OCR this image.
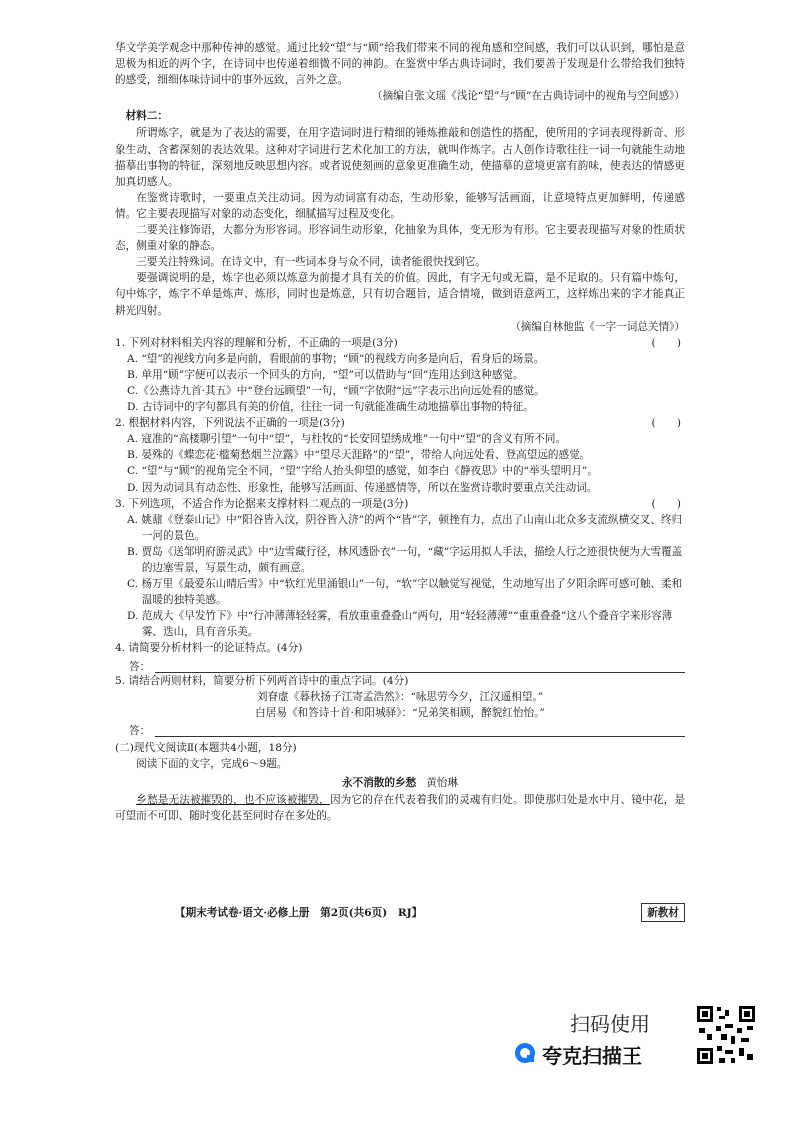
华文学美学观念中那种传神的感觉。通过比较“望”与“顾”给我们带来不同的视角感和空间感，我们可以认识到，哪怕是意思极为相近的两个字，在诗词中也传递着细微不同的神韵。在鉴赏中华古典诗词时，我们要善于发现是什么带给我们独特的感受，细细体味诗词中的事外远致，言外之意。

（摘编自张文瑶《浅论“望”与“顾”在古典诗词中的视角与空间感》）

材料二：

所谓炼字，就是为了表达的需要，在用字造词时进行精细的锤炼推敲和创造性的搭配，使所用的字词表现得新奇、形象生动、含蓄深刻的表达效果。这种对字词进行艺术化加工的方法，就叫作炼字。古人创作诗歌往往一词一句就能生动地描摹出事物的特征，深刻地反映思想内容。或者说使刻画的意象更准确生动，使描摹的意境更富有韵味，使表达的情感更加真切感人。

在鉴赏诗歌时，一要重点关注动词。因为动词富有动态，生动形象，能够写活画面，让意境特点更加鲜明，传递感情。它主要表现描写对象的动态变化，细腻描写过程及变化。

二要关注修饰语，大都分为形容词。形容词生动形象，化抽象为具体，变无形为有形。它主要表现描写对象的性质状态，侧重对象的静态。

三要关注特殊词。在诗文中，有一些词本身与众不同，读者能很快找到它。

要强调说明的是，炼字也必须以炼意为前提才具有关的价值。因此，有字无句或无篇，是不足取的。只有篇中炼句，句中炼字，炼字不单是炼声、炼形，同时也是炼意，只有切合题旨，适合情境，做到语意两工，这样炼出来的字才能真正耕光四射。

（摘编自林他监《一字一词总关情》）

1. 下列对材料相关内容的理解和分析，不正确的一项是(3分)	(　　)

A. “望”的视线方向多是向前，看眼前的事物；“顾”的视线方向多是向后，看身后的场景。

B. 单用“顾”字便可以表示一个回头的方向，“望”可以借助与“回”连用达到这种感觉。

C.《公燕诗九首·其五》中“登台远顾望”一句，“顾”字依附“远”字表示出向远处看的感觉。

D. 古诗词中的字句都具有美的价值，往往一词一句就能准确生动地描摹出事物的特征。

2. 根据材料内容，下列说法不正确的一项是(3分)	(　　)

A. 寇准的“高楼聊引望”一句中“望”，与杜牧的“长安回望绣成堆”一句中“望”的含义有所不同。

B. 晏殊的《蝶恋花·槛菊愁烟兰泣露》中“望尽天涯路”的“望”，带给人向远处看、登高望远的感觉。

C. “望”与“顾”的视角完全不同，“望”字给人抬头仰望的感觉，如李白《静夜思》中的“举头望明月”。

D. 因为动词具有动态性、形象性，能够写活画面、传递感情等，所以在鉴赏诗歌时要重点关注动词。

3. 下列选项，不适合作为论据来支撑材料二观点的一项是(3分)	(　　)

A. 姚鼐《登泰山记》中“阳谷皆入汶，阴谷皆入济”的两个“皆”字，顿挫有力，点出了山南山北众多支流纵横交叉、终归一河的景色。

B. 贾岛《送邹明府游灵武》中“边雪藏行径，林风透卧衣”一句，“藏”字运用拟人手法，描绘人行之迹很快便为大雪覆盖的边塞雪景，写景生动，颇有画意。

C. 杨万里《最爱东山晴后雪》中“软红光里涌银山”一句，“软”字以触觉写视觉，生动地写出了夕阳余晖可感可触、柔和温暖的独特美感。

D. 范成大《早发竹下》中“行冲薄薄轻轻雾，看放重重叠叠山”两句，用“轻轻薄薄”“重重叠叠”这八个叠音字来形容薄雾、迭山，具有音乐美。

4. 请简要分析材料一的论证特点。(4分)

答：

5. 请结合两则材料，简要分析下列两首诗中的重点字词。(4分)

刘眘虚《暮秋扬子江寄孟浩然》：“咏思劳今夕，江汉遥相望。”

白居易《和答诗十首·和阳城驿》：“兄弟笑相顾，醉貌红怡怡。”

答：

(二)现代文阅读Ⅱ(本题共4小题，18分)

阅读下面的文字，完成6～9题。

永不消散的乡愁 黄怡琳

乡愁是无法被摧毁的，也不应该被摧毁，因为它的存在代表着我们的灵魂有归处。即使那归处是水中月、镜中花，是可望而不可即、随时变化甚至同时存在多处的。

【期末考试卷·语文·必修上册　第2页(共6页)　RJ】	新教材
扫码使用
夸克扫描王
